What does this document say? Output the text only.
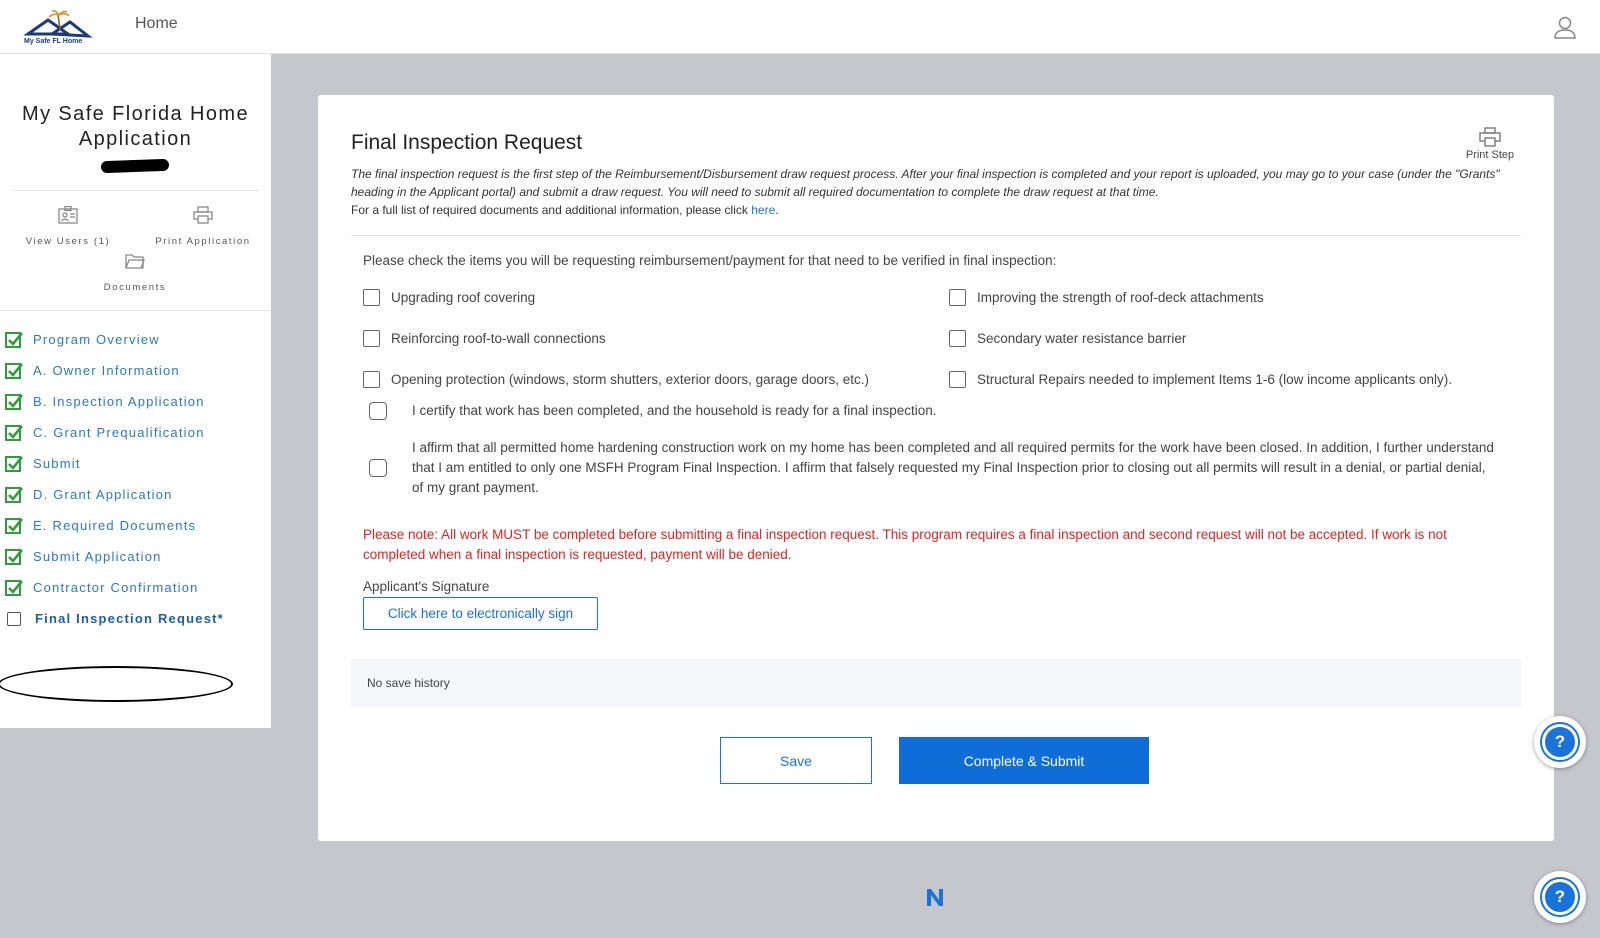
My Safe FL Home
Home
My Safe Florida Home Application
View Users (1)	Print Application
Documents
Program Overview
A. Owner Information
B. Inspection Application
C. Grant Prequalification
Submit
D. Grant Application
E. Required Documents
Submit Application
Contractor Confirmation
Final Inspection Request*
Final Inspection Request
Print Step
The final inspection request is the first step of the Reimbursement/Disbursement draw request process. After your final inspection is completed and your report is uploaded, you may go to your case (under the "Grants" heading in the Applicant portal) and submit a draw request. You will need to submit all required documentation to complete the draw request at that time.
For a full list of required documents and additional information, please click here.
Please check the items you will be requesting reimbursement/payment for that need to be verified in final inspection:
Upgrading roof covering	Improving the strength of roof-deck attachments
Reinforcing roof-to-wall connections	Secondary water resistance barrier
Opening protection (windows, storm shutters, exterior doors, garage doors, etc.)	Structural Repairs needed to implement Items 1-6 (low income applicants only).
I certify that work has been completed, and the household is ready for a final inspection.
I affirm that all permitted home hardening construction work on my home has been completed and all required permits for the work have been closed. In addition, I further understand that I am entitled to only one MSFH Program Final Inspection. I affirm that falsely requested my Final Inspection prior to closing out all permits will result in a denial, or partial denial, of my grant payment.
Please note: All work MUST be completed before submitting a final inspection request. This program requires a final inspection and second request will not be accepted. If work is not completed when a final inspection is requested, payment will be denied.
Applicant's Signature
Click here to electronically sign
No save history
Save	Complete & Submit
?
?
